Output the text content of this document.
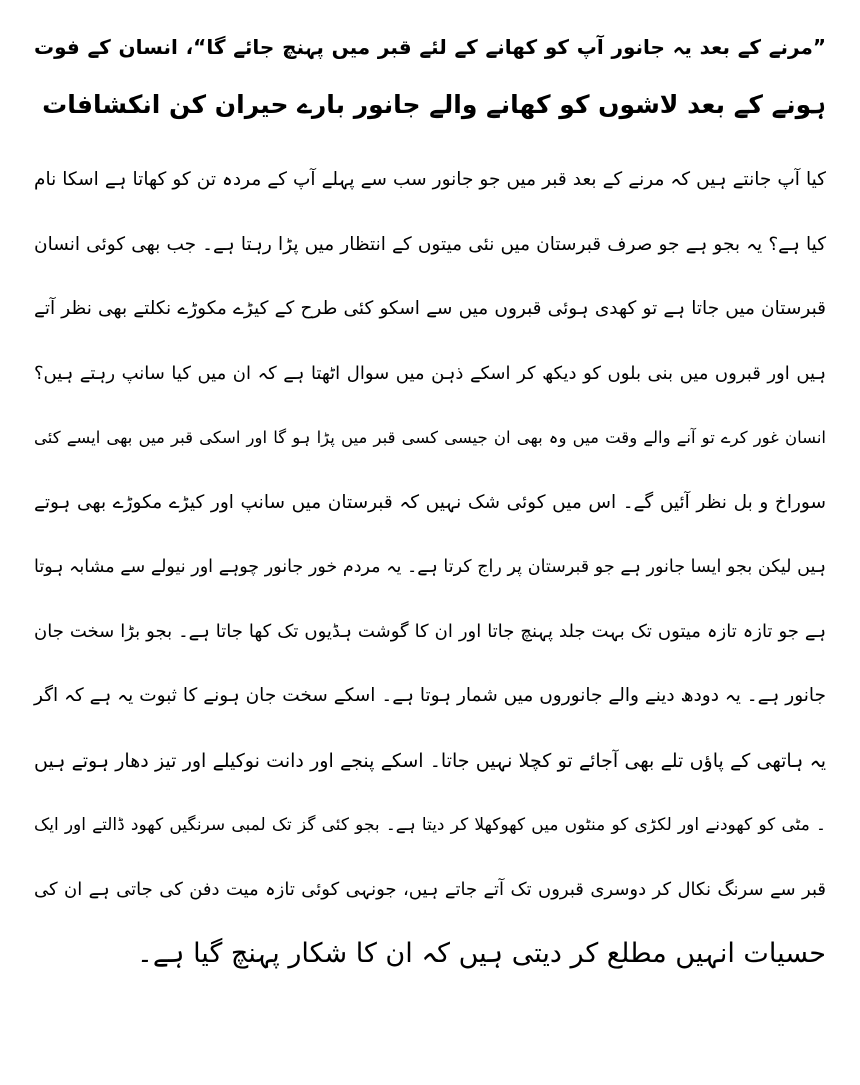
”مرنے کے بعد یہ جانور آپ کو کھانے کے لئے قبر میں پہنچ جائے گا“، انسان کے فوت
ہونے کے بعد لاشوں کو کھانے والے جانور بارے حیران کن انکشافات
کیا آپ جانتے ہیں کہ مرنے کے بعد قبر میں جو جانور سب سے پہلے آپ کے مردہ تن کو کھاتا ہے اسکا نام
کیا ہے؟ یہ بجو ہے جو صرف قبرستان میں نئی میتوں کے انتظار میں پڑا رہتا ہے۔ جب بھی کوئی انسان
قبرستان میں جاتا ہے تو کھدی ہوئی قبروں میں سے اسکو کئی طرح کے کیڑے مکوڑے نکلتے بھی نظر آتے
ہیں اور قبروں میں بنی بلوں کو دیکھ کر اسکے ذہن میں سوال اٹھتا ہے کہ ان میں کیا سانپ رہتے ہیں؟
انسان غور کرے تو آنے والے وقت میں وہ بھی ان جیسی کسی قبر میں پڑا ہو گا اور اسکی قبر میں بھی ایسے کئی
سوراخ و بل نظر آئیں گے۔ اس میں کوئی شک نہیں کہ قبرستان میں سانپ اور کیڑے مکوڑے بھی ہوتے
ہیں لیکن بجو ایسا جانور ہے جو قبرستان پر راج کرتا ہے۔ یہ مردم خور جانور چوہے اور نیولے سے مشابہ ہوتا
ہے جو تازہ تازہ میتوں تک بہت جلد پہنچ جاتا اور ان کا گوشت ہڈیوں تک کھا جاتا ہے۔ بجو بڑا سخت جان
جانور ہے۔ یہ دودھ دینے والے جانوروں میں شمار ہوتا ہے۔ اسکے سخت جان ہونے کا ثبوت یہ ہے کہ اگر
یہ ہاتھی کے پاؤں تلے بھی آجائے تو کچلا نہیں جاتا۔ اسکے پنجے اور دانت نوکیلے اور تیز دھار ہوتے ہیں
۔ مٹی کو کھودنے اور لکڑی کو منٹوں میں کھوکھلا کر دیتا ہے۔ بجو کئی گز تک لمبی سرنگیں کھود ڈالتے اور ایک
قبر سے سرنگ نکال کر دوسری قبروں تک آتے جاتے ہیں، جونہی کوئی تازہ میت دفن کی جاتی ہے ان کی
حسیات انہیں مطلع کر دیتی ہیں کہ ان کا شکار پہنچ گیا ہے۔
